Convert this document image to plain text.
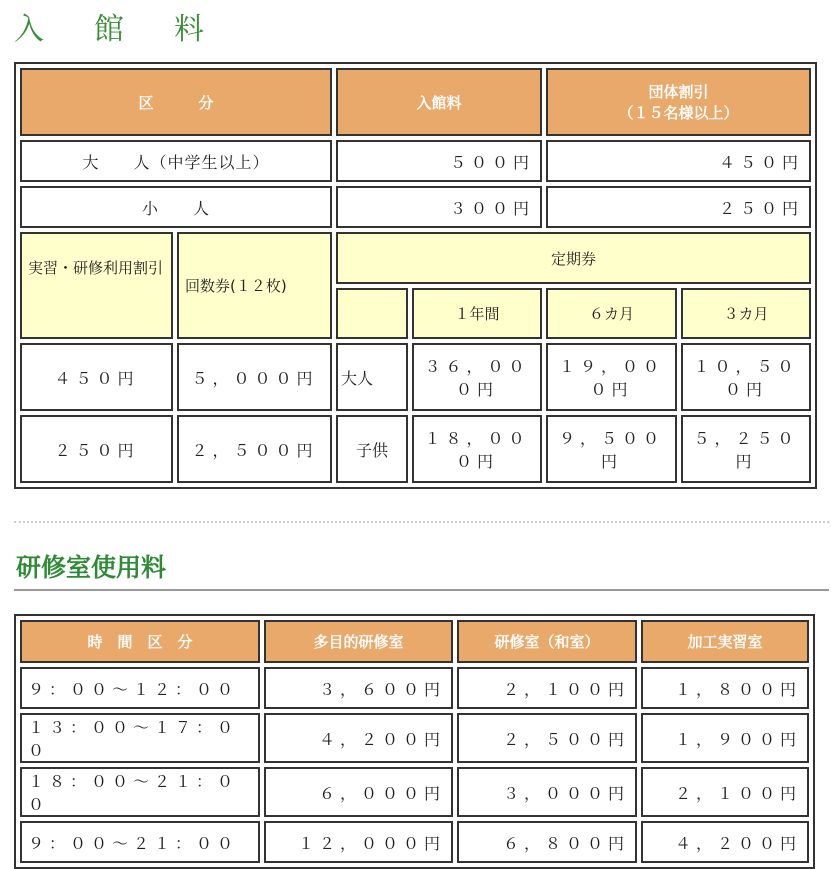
入 館 料
区　　　分		入館料		団体割引
（１５名様以上）	

大　　人（中学生以上）		５００円		４５０円	
小　　人		３００円		２５０円	
実習・研修利用割引	回数券(１２枚)	定期券			
			１年間	６カ月	３カ月
４５０円	５，０００円	大人	３６，０００円	１９，０００円	１０，５００円
２５０円	２，５００円	子供	１８，０００円	９，５００円	５，２５０円
研修室使用料
時　間　区　分	多目的研修室	研修室（和室）	加工実習室
９：００～１２：００	３，６００円	２，１００円	１，８００円
１３：００～１７：００	４，２００円	２，５００円	１，９００円
１８：００～２１：００	６，０００円	３，０００円	２，１００円
９：００～２１：００	１２，０００円	６，８００円	４，２００円
